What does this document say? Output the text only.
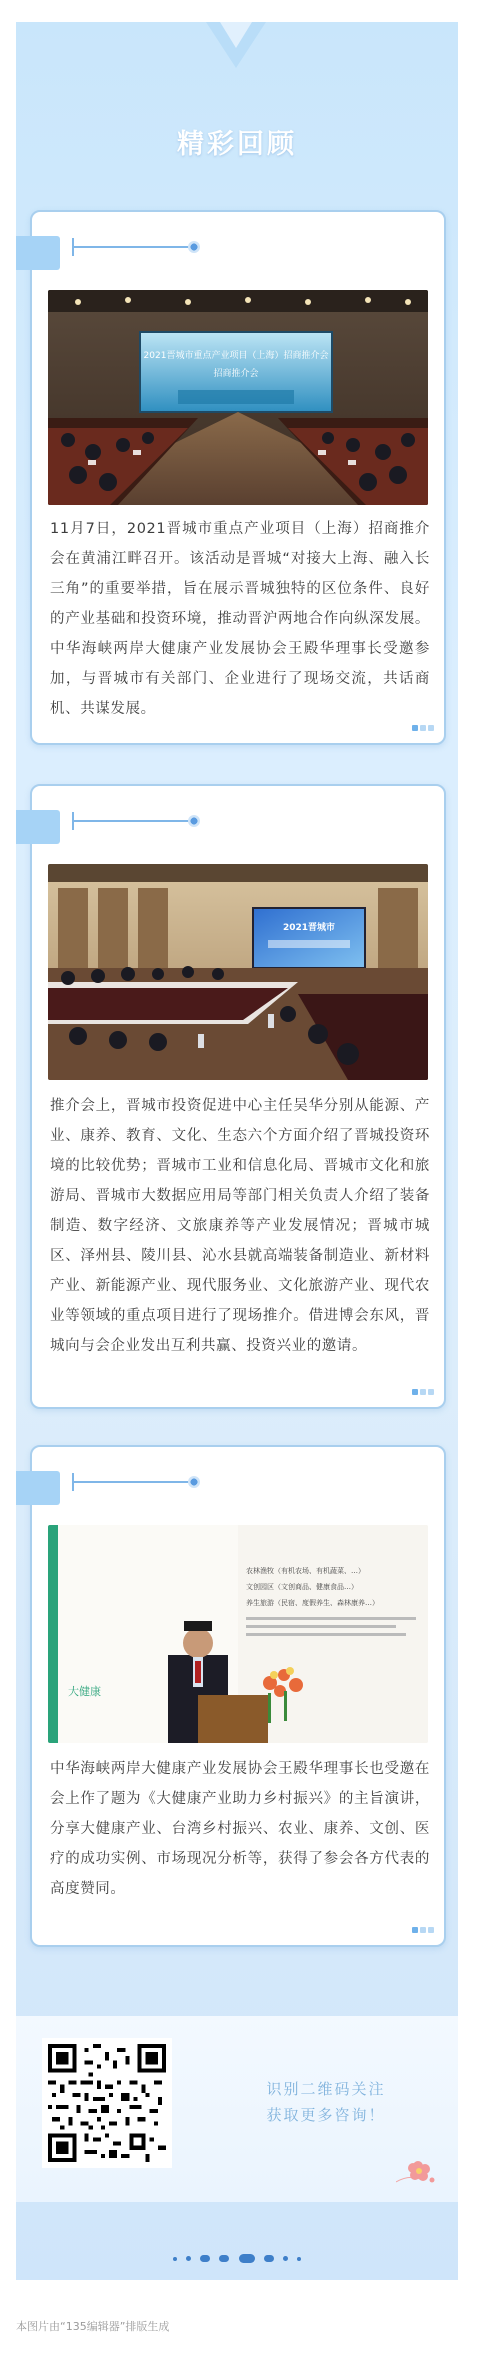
精彩回顾
2021晋城市重点产业项目（上海）招商推介会
招商推介会
11月7日，2021晋城市重点产业项目（上海）招商推介会在黄浦江畔召开。该活动是晋城“对接大上海、融入长三角”的重要举措，旨在展示晋城独特的区位条件、良好的产业基础和投资环境，推动晋沪两地合作向纵深发展。中华海峡两岸大健康产业发展协会王殿华理事长受邀参加，与晋城市有关部门、企业进行了现场交流，共话商机、共谋发展。
2021晋城市
推介会上，晋城市投资促进中心主任吴华分别从能源、产业、康养、教育、文化、生态六个方面介绍了晋城投资环境的比较优势；晋城市工业和信息化局、晋城市文化和旅游局、晋城市大数据应用局等部门相关负责人介绍了装备制造、数字经济、文旅康养等产业发展情况；晋城市城区、泽州县、陵川县、沁水县就高端装备制造业、新材料产业、新能源产业、现代服务业、文化旅游产业、现代农业等领域的重点项目进行了现场推介。借进博会东风，晋城向与会企业发出互利共赢、投资兴业的邀请。
大健康
农林渔牧（有机农场、有机蔬菜、…）
文创园区（文创商品、健康食品…）
养生旅游（民宿、度假养生、森林康养…）
中华海峡两岸大健康产业发展协会王殿华理事长也受邀在会上作了题为《大健康产业助力乡村振兴》的主旨演讲，分享大健康产业、台湾乡村振兴、农业、康养、文创、医疗的成功实例、市场现况分析等，获得了参会各方代表的高度赞同。
识别二维码关注
获取更多咨询！

本图片由“135编辑器”排版生成
